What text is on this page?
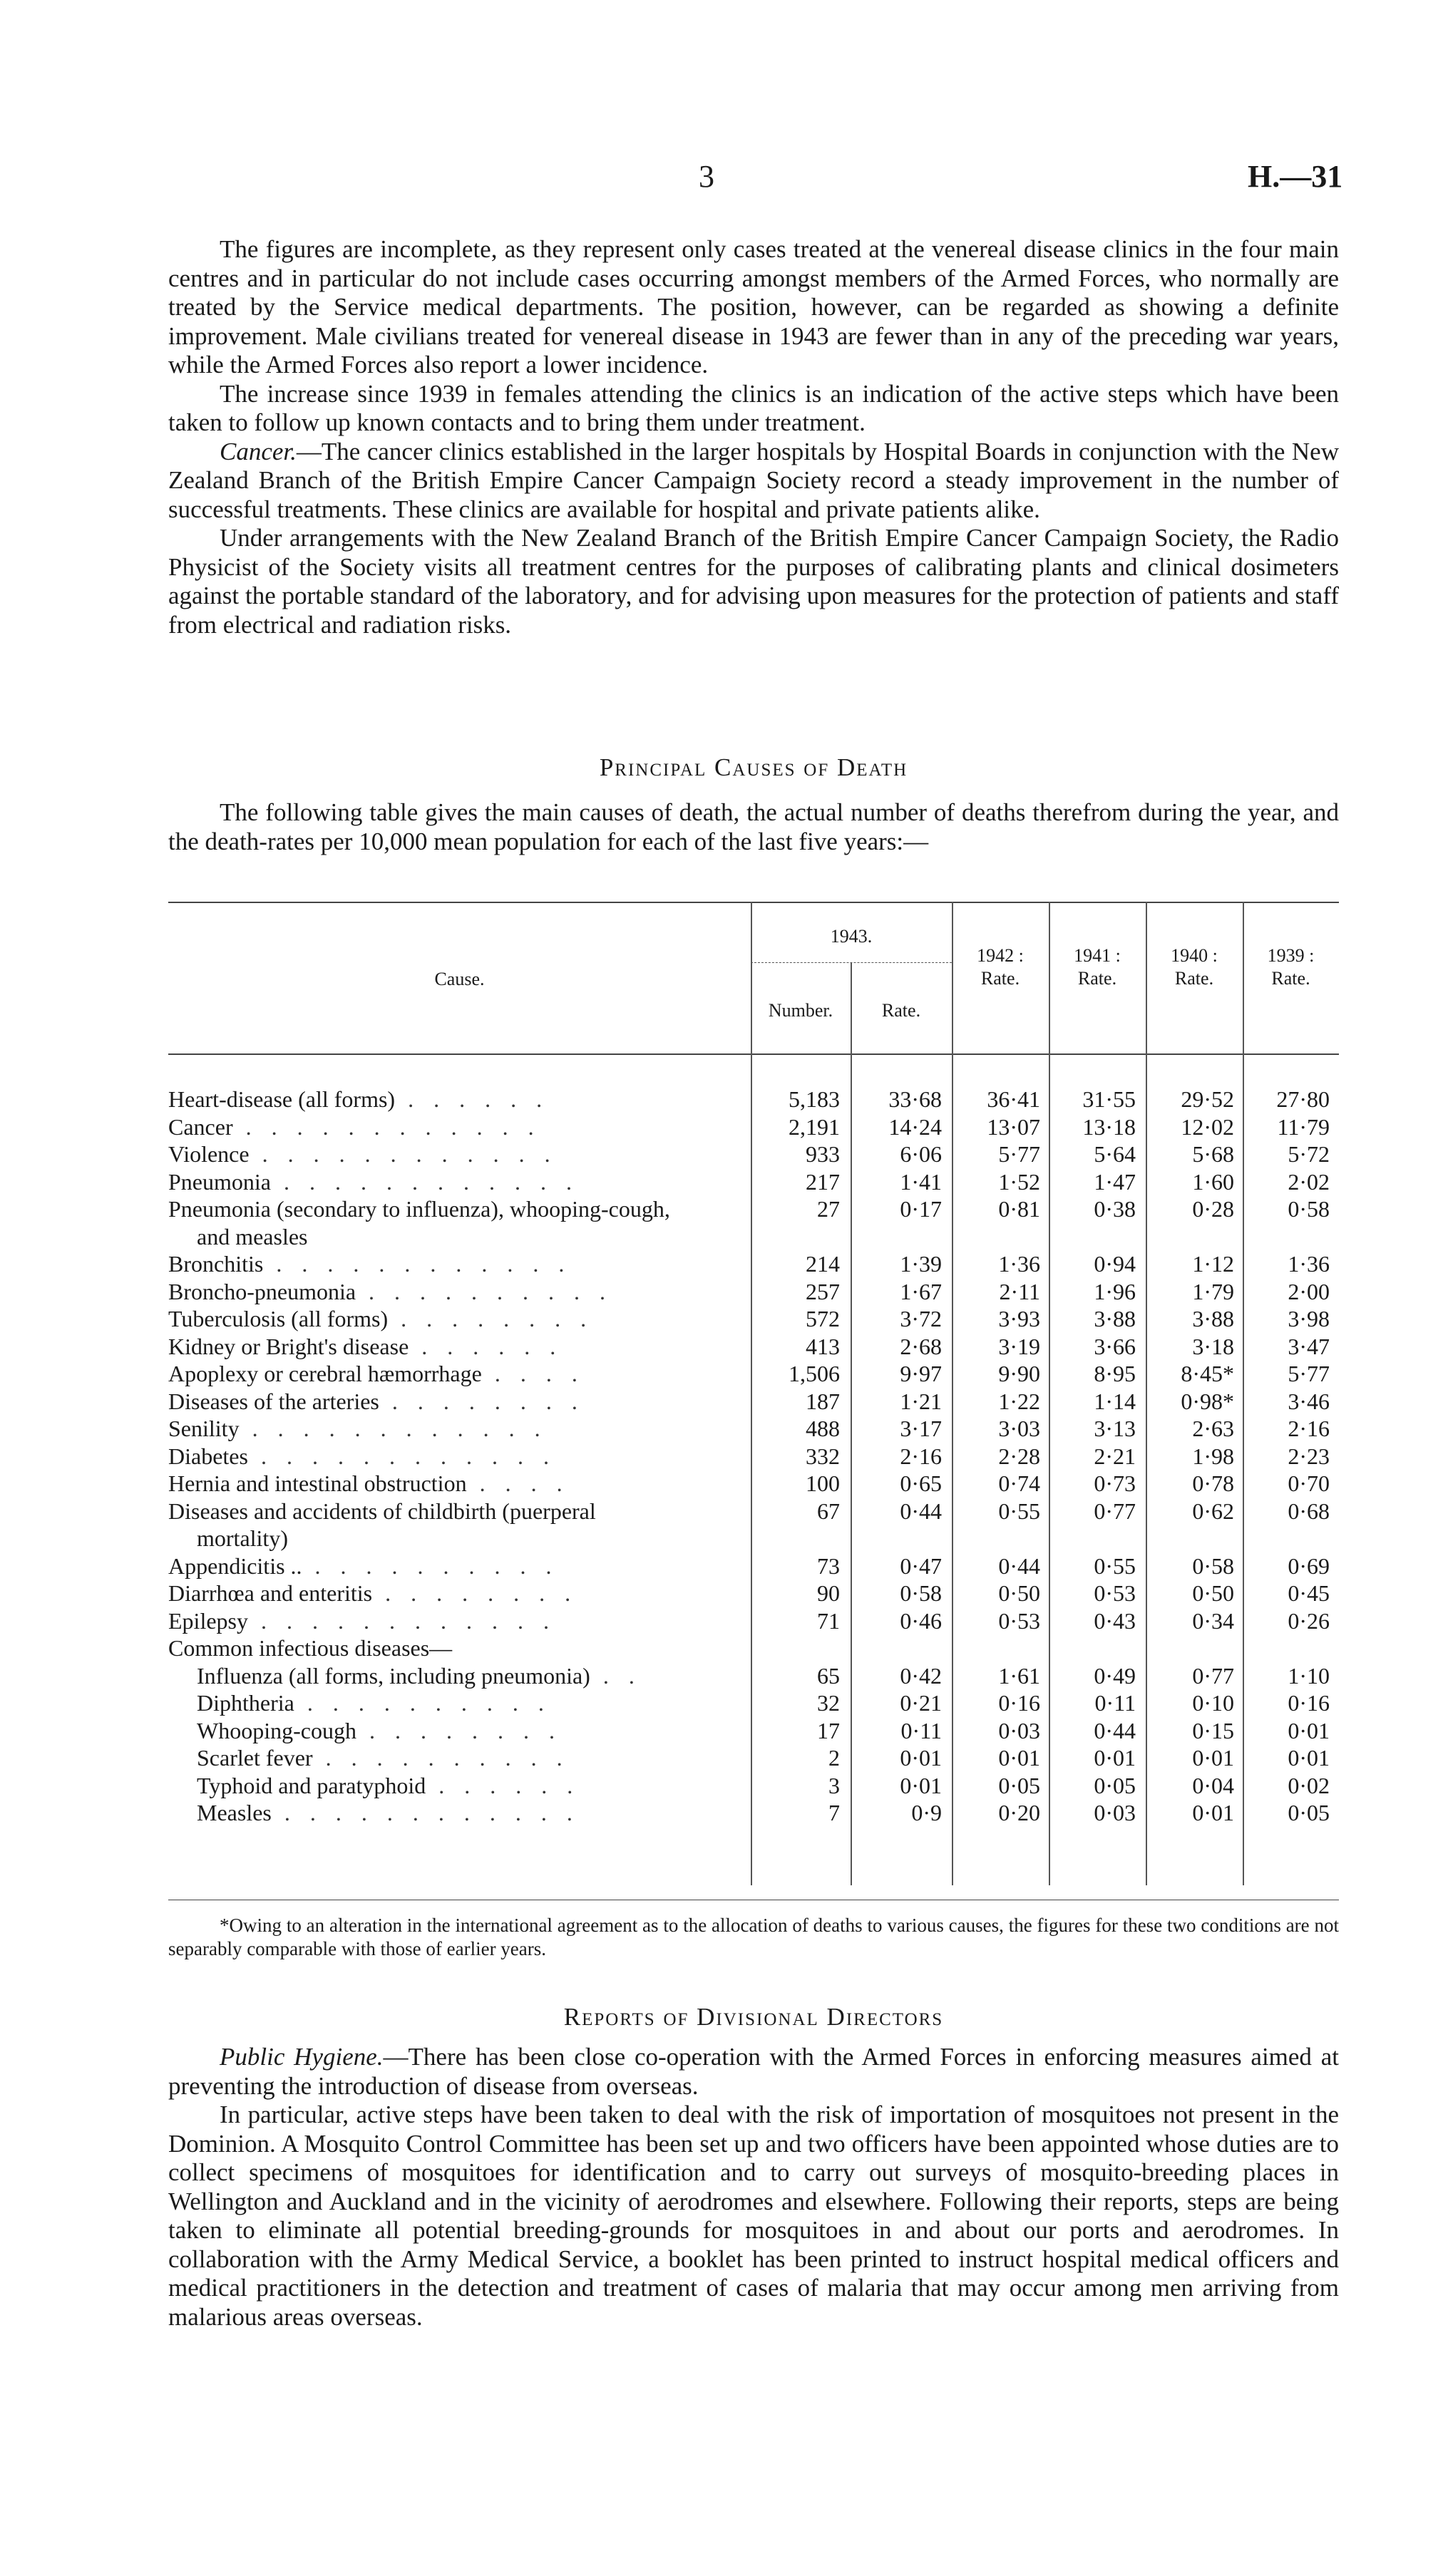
3	H.—31

The figures are incomplete, as they represent only cases treated at the venereal disease clinics in the four main centres and in particular do not include cases occurring amongst members of the Armed Forces, who normally are treated by the Service medical departments. The position, however, can be regarded as showing a definite improvement. Male civilians treated for venereal disease in 1943 are fewer than in any of the preceding war years, while the Armed Forces also report a lower incidence.

The increase since 1939 in females attending the clinics is an indication of the active steps which have been taken to follow up known contacts and to bring them under treatment.

Cancer.—The cancer clinics established in the larger hospitals by Hospital Boards in conjunction with the New Zealand Branch of the British Empire Cancer Campaign Society record a steady improvement in the number of successful treatments. These clinics are available for hospital and private patients alike.

Under arrangements with the New Zealand Branch of the British Empire Cancer Campaign Society, the Radio Physicist of the Society visits all treatment centres for the purposes of calibrating plants and clinical dosimeters against the portable standard of the laboratory, and for advising upon measures for the protection of patients and staff from electrical and radiation risks.

Principal Causes of Death

The following table gives the main causes of death, the actual number of deaths therefrom during the year, and the death-rates per 10,000 mean population for each of the last five years:—

Cause.
1943.
Number.	Rate.
1942 :
Rate.
1941 :
Rate.
1940 :
Rate.
1939 :
Rate.
Heart-disease (all forms) . . . . . .	5,183	33·68	36·41	31·55	29·52	27·80
Cancer . . . . . . . . . . . .	2,191	14·24	13·07	13·18	12·02	11·79
Violence . . . . . . . . . . . .	933	6·06	5·77	5·64	5·68	5·72
Pneumonia . . . . . . . . . . . .	217	1·41	1·52	1·47	1·60	2·02
Pneumonia (secondary to influenza), whooping-cough,	27	0·17	0·81	0·38	0·28	0·58
and measles
Bronchitis . . . . . . . . . . . .	214	1·39	1·36	0·94	1·12	1·36
Broncho-pneumonia . . . . . . . . . .	257	1·67	2·11	1·96	1·79	2·00
Tuberculosis (all forms) . . . . . . . .	572	3·72	3·93	3·88	3·88	3·98
Kidney or Bright's disease . . . . . .	413	2·68	3·19	3·66	3·18	3·47
Apoplexy or cerebral hæmorrhage . . . .	1,506	9·97	9·90	8·95	8·45*	5·77
Diseases of the arteries . . . . . . . .	187	1·21	1·22	1·14	0·98*	3·46
Senility . . . . . . . . . . . .	488	3·17	3·03	3·13	2·63	2·16
Diabetes . . . . . . . . . . . .	332	2·16	2·28	2·21	1·98	2·23
Hernia and intestinal obstruction . . . .	100	0·65	0·74	0·73	0·78	0·70
Diseases and accidents of childbirth (puerperal	67	0·44	0·55	0·77	0·62	0·68
mortality)
Appendicitis .. . . . . . . . . . .	73	0·47	0·44	0·55	0·58	0·69
Diarrhœa and enteritis . . . . . . . .	90	0·58	0·50	0·53	0·50	0·45
Epilepsy . . . . . . . . . . . .	71	0·46	0·53	0·43	0·34	0·26
Common infectious diseases—
Influenza (all forms, including pneumonia) . .	65	0·42	1·61	0·49	0·77	1·10
Diphtheria . . . . . . . . . .	32	0·21	0·16	0·11	0·10	0·16
Whooping-cough . . . . . . . .	17	0·11	0·03	0·44	0·15	0·01
Scarlet fever . . . . . . . . . .	2	0·01	0·01	0·01	0·01	0·01
Typhoid and paratyphoid . . . . . .	3	0·01	0·05	0·05	0·04	0·02
Measles . . . . . . . . . . . .	7	0·9	0·20	0·03	0·01	0·05

*Owing to an alteration in the international agreement as to the allocation of deaths to various causes, the figures for these two conditions are not separably comparable with those of earlier years.

Reports of Divisional Directors

Public Hygiene.—There has been close co-operation with the Armed Forces in enforcing measures aimed at preventing the introduction of disease from overseas.

In particular, active steps have been taken to deal with the risk of importation of mosquitoes not present in the Dominion. A Mosquito Control Committee has been set up and two officers have been appointed whose duties are to collect specimens of mosquitoes for identification and to carry out surveys of mosquito-breeding places in Wellington and Auckland and in the vicinity of aerodromes and elsewhere. Following their reports, steps are being taken to eliminate all potential breeding-grounds for mosquitoes in and about our ports and aerodromes. In collaboration with the Army Medical Service, a booklet has been printed to instruct hospital medical officers and medical practitioners in the detection and treatment of cases of malaria that may occur among men arriving from malarious areas overseas.
